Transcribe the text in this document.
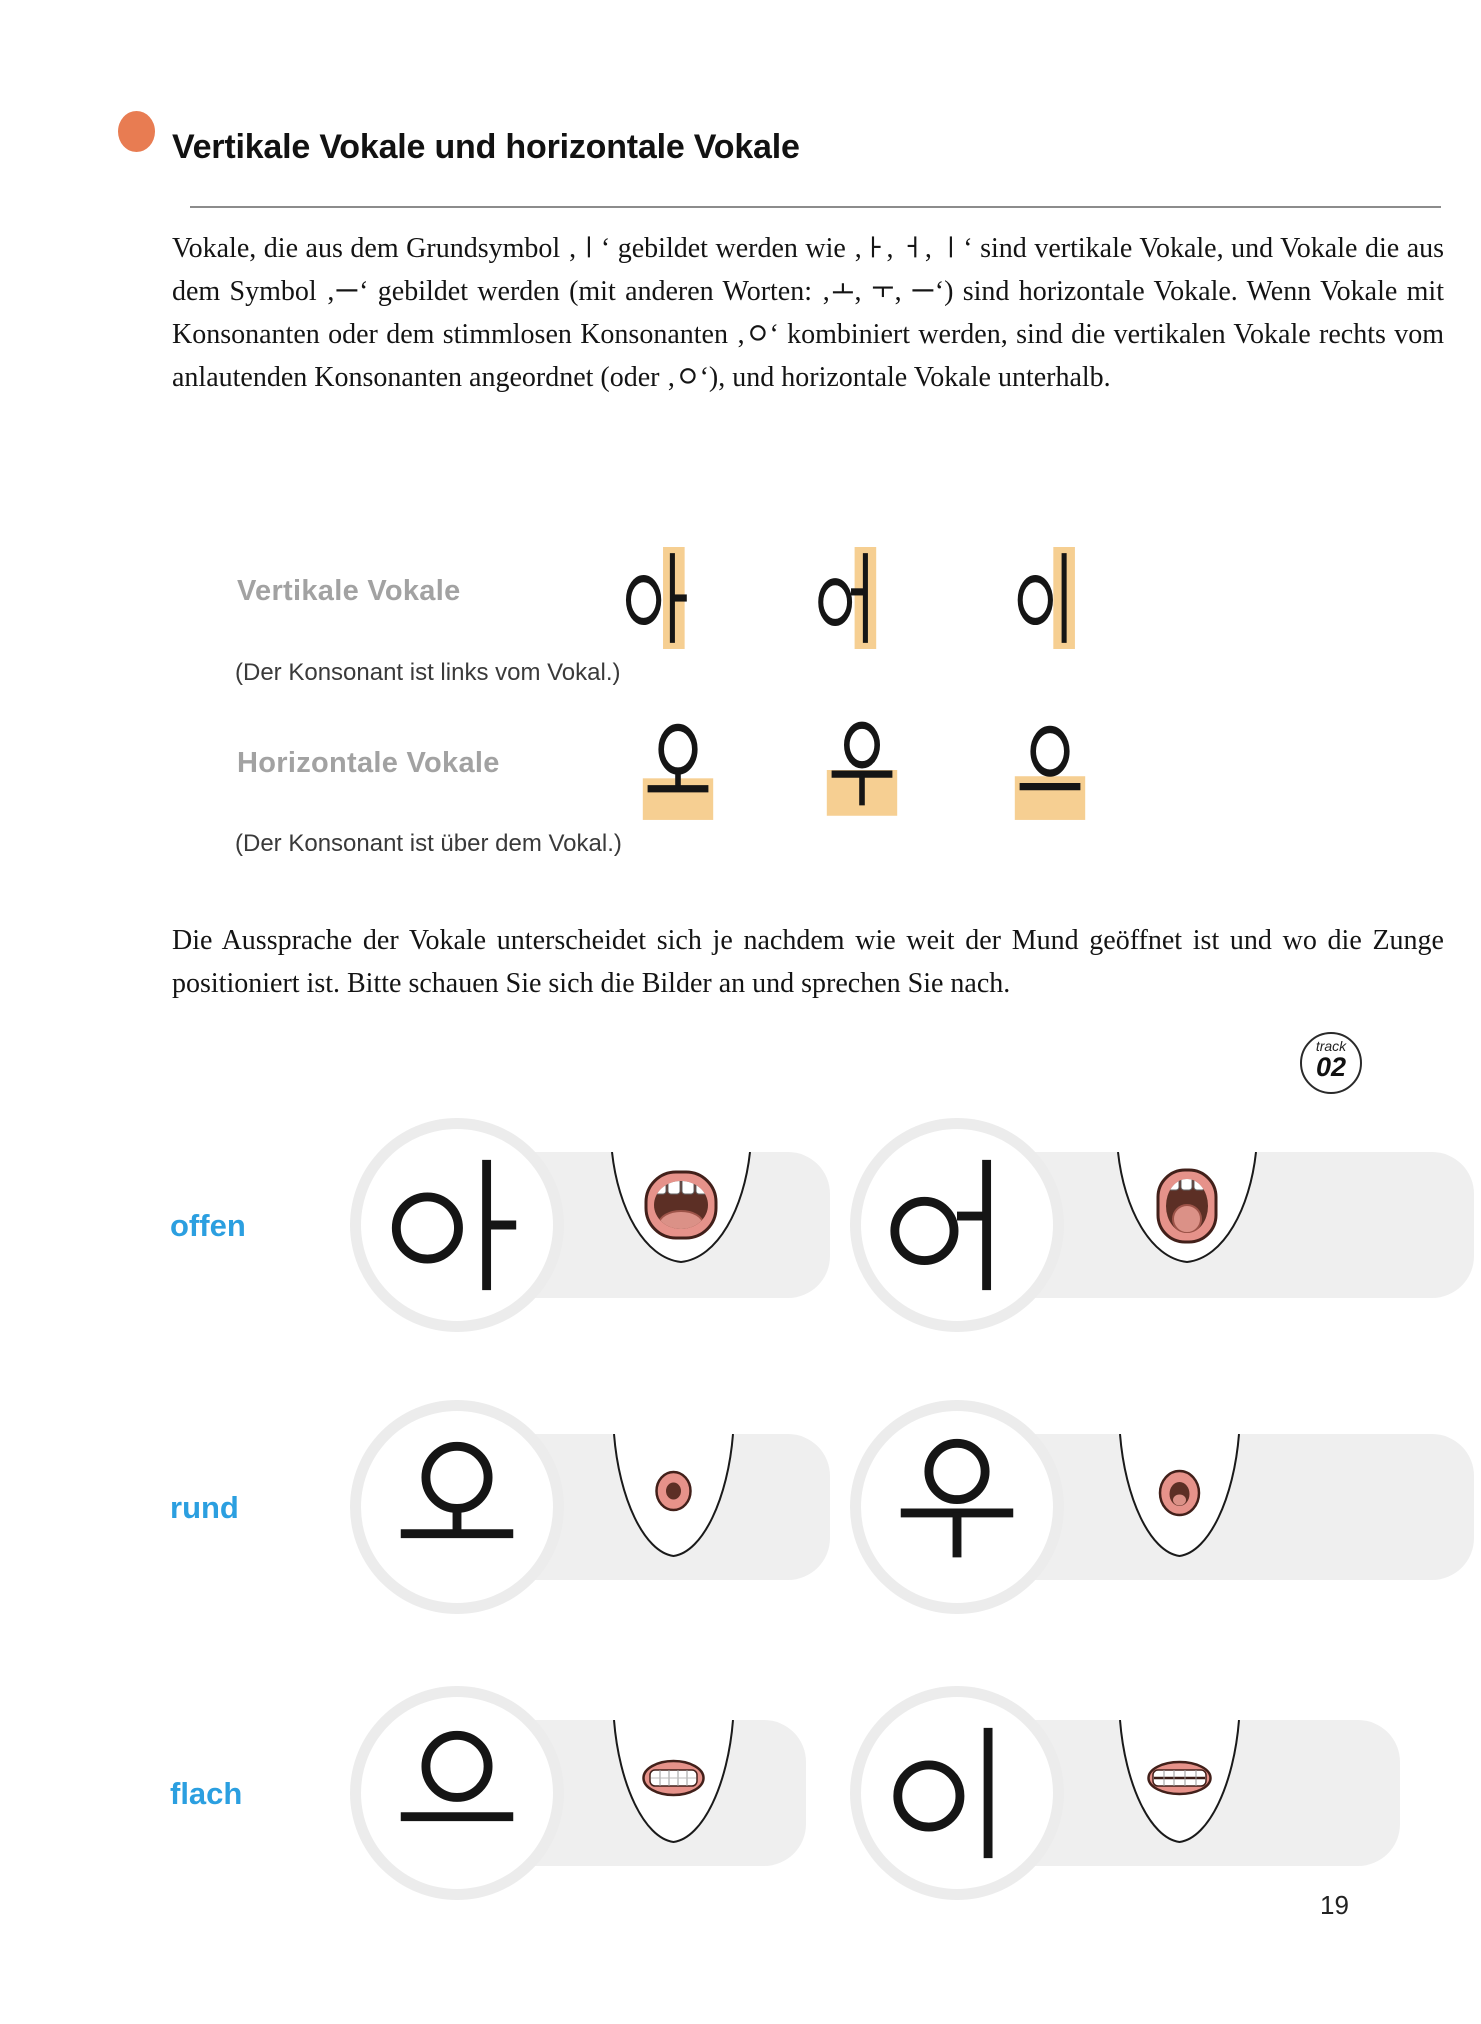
Vertikale Vokale und horizontale Vokale

Vokale, die aus dem Grundsymbol ‚ ‘ gebildet werden wie ‚ ,
,
‘ sind vertikale Vokale, und Vokale die aus dem Symbol ‚ ‘ gebildet werden (mit anderen Worten: ‚ ,
,
‘) sind horizontale Vokale. Wenn Vokale mit Konsonanten oder dem stimmlosen Konsonanten ‚ ‘ kombiniert werden, sind die vertikalen Vokale rechts vom anlautenden Konsonanten angeordnet (oder ‚ ‘), und horizontale Vokale unterhalb.

Vertikale Vokale
(Der Konsonant ist links vom Vokal.)
Horizontale Vokale
(Der Konsonant ist über dem Vokal.)

Die Aussprache der Vokale unterscheidet sich je nachdem wie weit der Mund geöffnet ist und wo die Zunge positioniert ist. Bitte schauen Sie sich die Bilder an und sprechen Sie nach.

track
02
offen
rund
flach
19
